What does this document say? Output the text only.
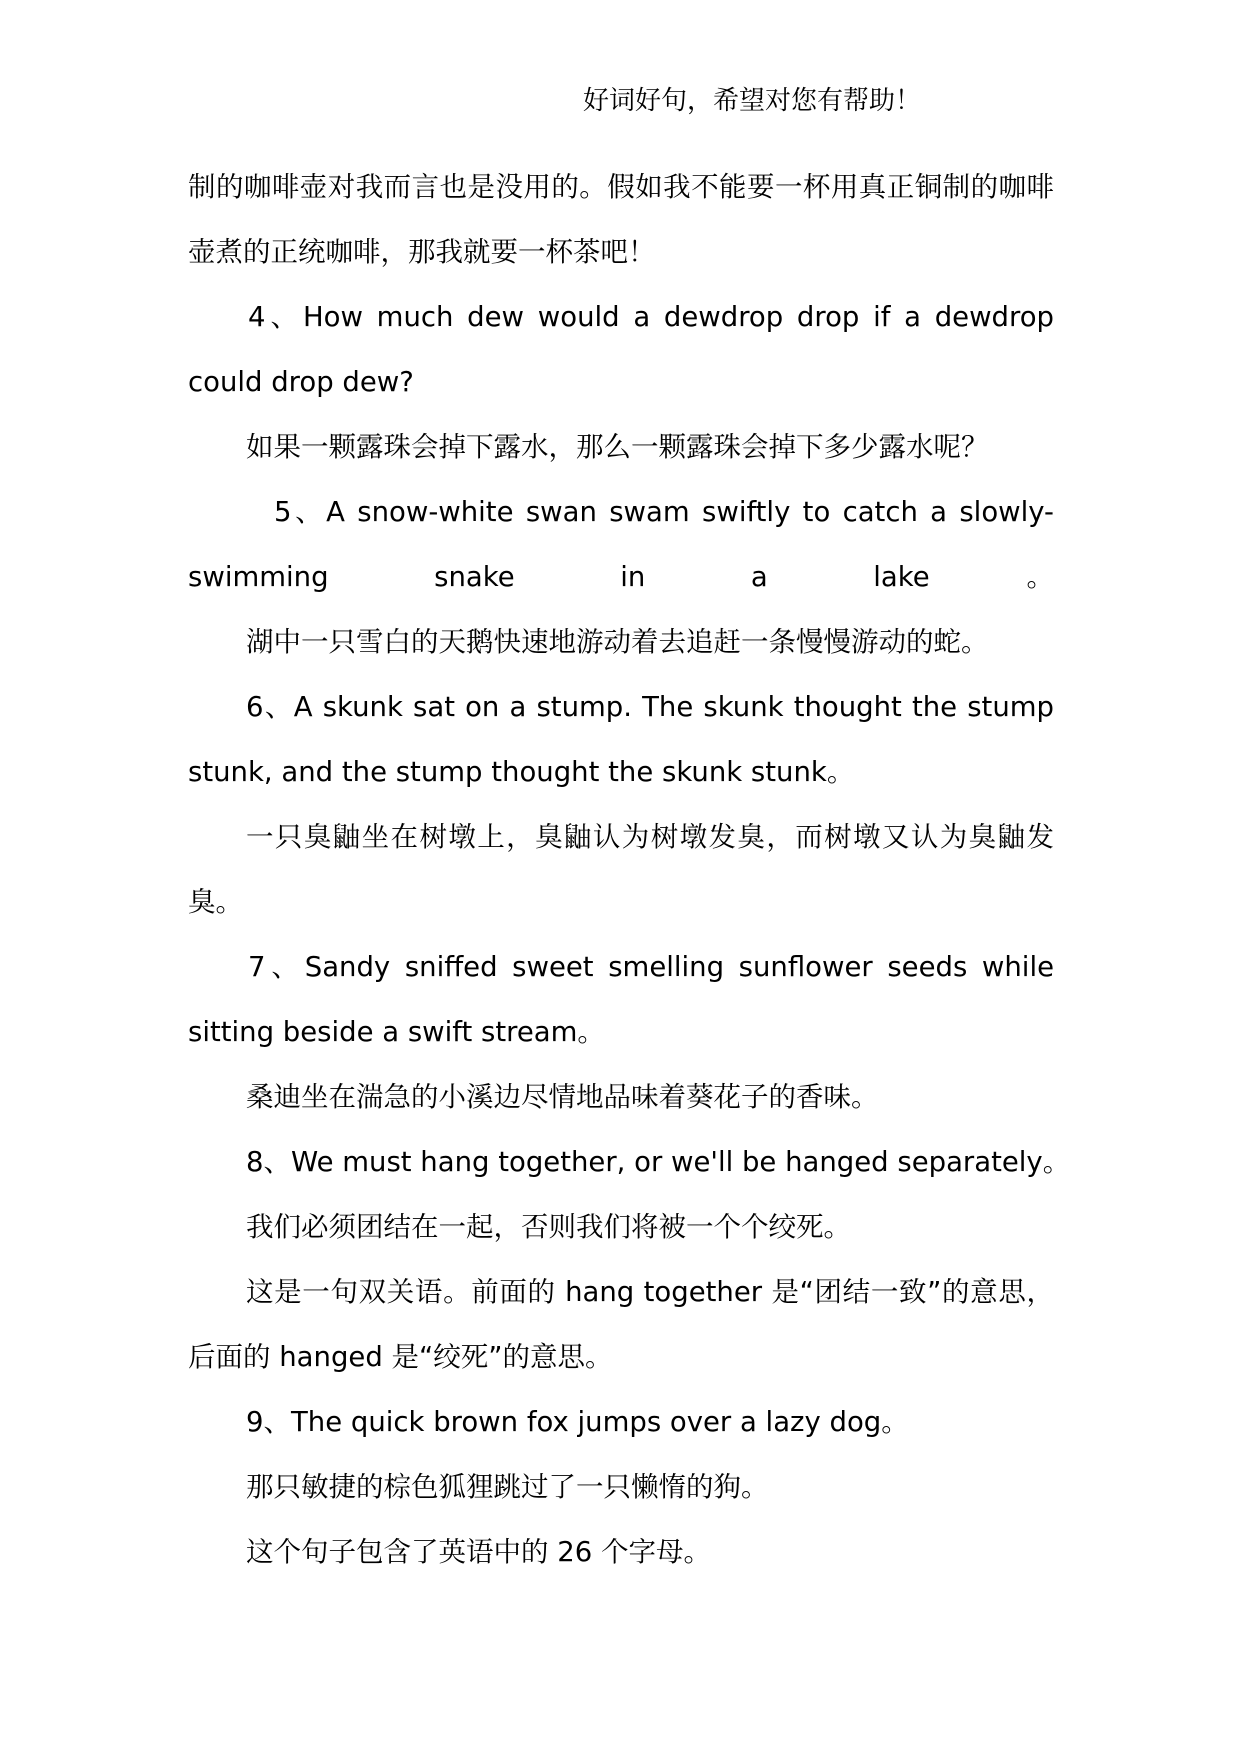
好词好句，希望对您有帮助！

制的咖啡壶对我而言也是没用的。假如我不能要一杯用真正铜制的咖啡壶煮的正统咖啡，那我就要一杯茶吧！

4、How much dew would a dewdrop drop if a dewdrop could drop dew?

如果一颗露珠会掉下露水，那么一颗露珠会掉下多少露水呢？

5、A snow-white swan swam swiftly to catch a slowly-swimming snake in a lake。

湖中一只雪白的天鹅快速地游动着去追赶一条慢慢游动的蛇。

6、A skunk sat on a stump. The skunk thought the stump stunk, and the stump thought the skunk stunk。

一只臭鼬坐在树墩上，臭鼬认为树墩发臭，而树墩又认为臭鼬发臭。

7、Sandy sniffed sweet smelling sunflower seeds while sitting beside a swift stream。

桑迪坐在湍急的小溪边尽情地品味着葵花子的香味。

8、We must hang together, or we'll be hanged separately。

我们必须团结在一起，否则我们将被一个个绞死。

这是一句双关语。前面的 hang together 是“团结一致”的意思，后面的 hanged 是“绞死”的意思。

9、The quick brown fox jumps over a lazy dog。

那只敏捷的棕色狐狸跳过了一只懒惰的狗。

这个句子包含了英语中的 26 个字母。
